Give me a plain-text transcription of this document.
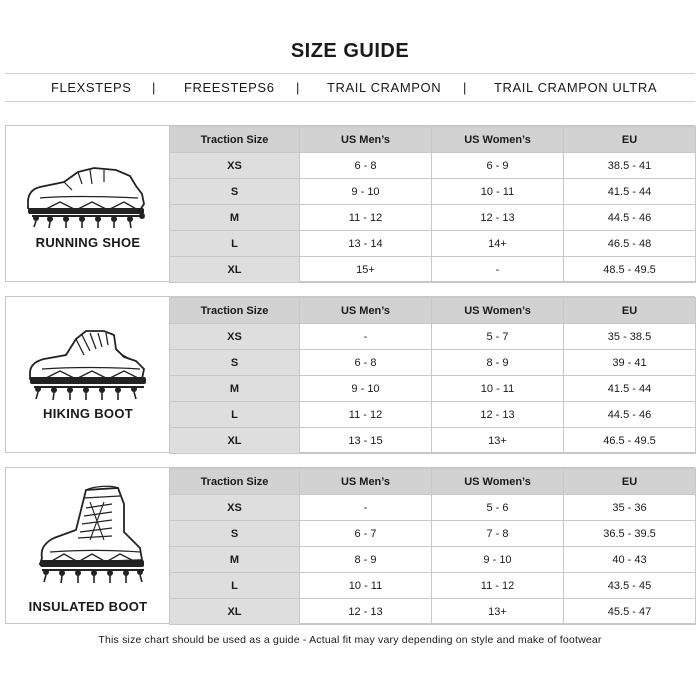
SIZE GUIDE
FLEXSTEPS | FREESTEPS6 | TRAIL CRAMPON | TRAIL CRAMPON ULTRA
RUNNING SHOE
Traction Size	US Men’s	US Women’s	EU
XS	6 - 8	6 - 9	38.5 - 41
S	9 - 10	10 - 11	41.5 - 44
M	11 - 12	12 - 13	44.5 - 46
L	13 - 14	14+	46.5 - 48
XL	15+	-	48.5 - 49.5
HIKING BOOT
Traction Size	US Men’s	US Women’s	EU
XS	-	5 - 7	35 - 38.5
S	6 - 8	8 - 9	39 - 41
M	9 - 10	10 - 11	41.5 - 44
L	11 - 12	12 - 13	44.5 - 46
XL	13 - 15	13+	46.5 - 49.5
INSULATED BOOT
Traction Size	US Men’s	US Women’s	EU
XS	-	5 - 6	35 - 36
S	6 - 7	7 - 8	36.5 - 39.5
M	8 - 9	9 - 10	40 - 43
L	10 - 11	11 - 12	43.5 - 45
XL	12 - 13	13+	45.5 - 47
This size chart should be used as a guide - Actual fit may vary depending on style and make of footwear
